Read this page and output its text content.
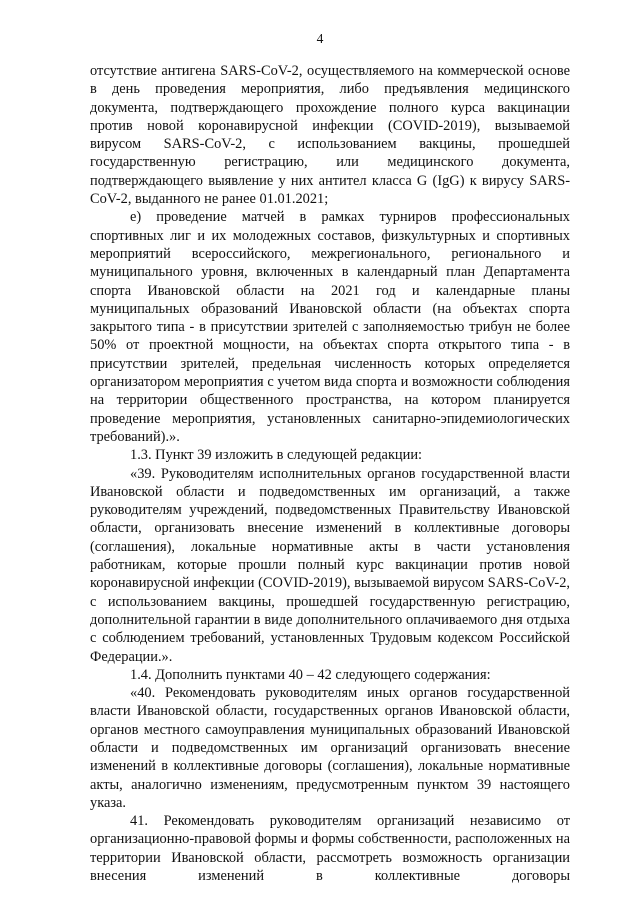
4

отсутствие антигена SARS-CoV-2, осуществляемого на коммерческой основе в день проведения мероприятия, либо предъявления медицинского документа, подтверждающего прохождение полного курса вакцинации против новой коронавирусной инфекции (COVID-2019), вызываемой вирусом SARS-CoV-2, с использованием вакцины, прошедшей государственную регистрацию, или медицинского документа, подтверждающего выявление у них антител класса G (IgG) к вирусу SARS-CoV-2, выданного не ранее 01.01.2021;

е) проведение матчей в рамках турниров профессиональных спортивных лиг и их молодежных составов, физкультурных и спортивных мероприятий всероссийского, межрегионального, регионального и муниципального уровня, включенных в календарный план Департамента спорта Ивановской области на 2021 год и календарные планы муниципальных образований Ивановской области (на объектах спорта закрытого типа - в присутствии зрителей с заполняемостью трибун не более 50% от проектной мощности, на объектах спорта открытого типа - в присутствии зрителей, предельная численность которых определяется организатором мероприятия с учетом вида спорта и возможности соблюдения на территории общественного пространства, на котором планируется проведение мероприятия, установленных санитарно-эпидемиологических требований).».

1.3. Пункт 39 изложить в следующей редакции:

«39. Руководителям исполнительных органов государственной власти Ивановской области и подведомственных им организаций, а также руководителям учреждений, подведомственных Правительству Ивановской области, организовать внесение изменений в коллективные договоры (соглашения), локальные нормативные акты в части установления работникам, которые прошли полный курс вакцинации против новой коронавирусной инфекции (COVID-2019), вызываемой вирусом SARS-CoV-2, с использованием вакцины, прошедшей государственную регистрацию, дополнительной гарантии в виде дополнительного оплачиваемого дня отдыха с соблюдением требований, установленных Трудовым кодексом Российской Федерации.».

1.4. Дополнить пунктами 40 – 42 следующего содержания:

«40. Рекомендовать руководителям иных органов государственной власти Ивановской области, государственных органов Ивановской области, органов местного самоуправления муниципальных образований Ивановской области и подведомственных им организаций организовать внесение изменений в коллективные договоры (соглашения), локальные нормативные акты, аналогично изменениям, предусмотренным пунктом 39 настоящего указа.

41. Рекомендовать руководителям организаций независимо от организационно-правовой формы и формы собственности, расположенных на территории Ивановской области, рассмотреть возможность организации внесения изменений в коллективные договоры
